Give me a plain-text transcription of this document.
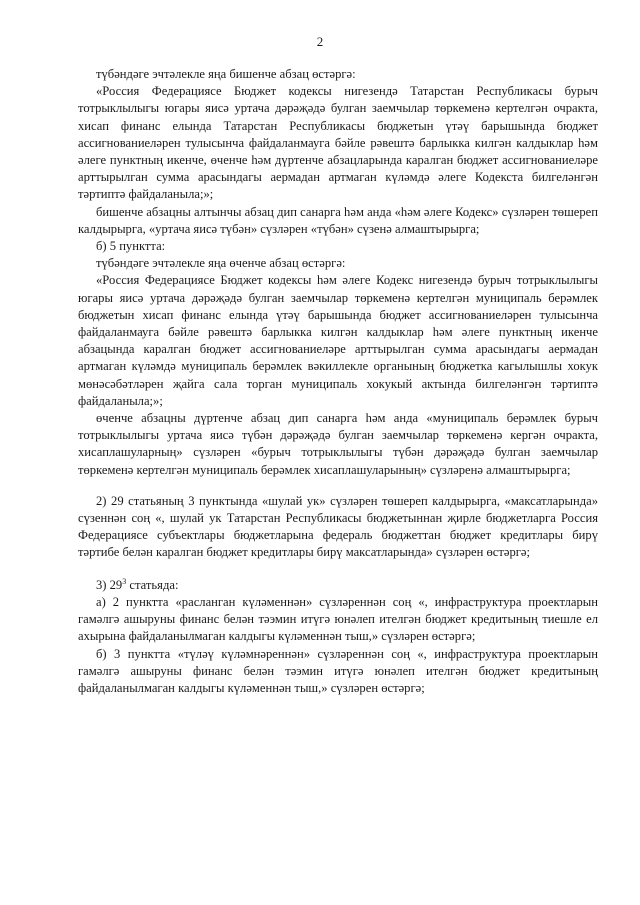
2

түбәндәге эчтәлекле яңа бишенче абзац өстәргә:

«Россия Федерациясе Бюджет кодексы нигезендә Татарстан Республикасы бурыч тотрыклылыгы югары яисә уртача дәрәҗәдә булган заемчылар төркеменә кертелгән очракта, хисап финанс елында Татарстан Республикасы бюджетын үтәү барышында бюджет ассигнованиеләрен тулысынча файдаланмауга бәйле рәвештә барлыкка килгән калдыклар һәм әлеге пунктның икенче, өченче һәм дүртенче абзацларында каралган бюджет ассигнованиеләре арттырылган сумма арасындагы аермадан артмаган күләмдә әлеге Кодекста билгеләнгән тәртиптә файдаланыла;»;

бишенче абзацны алтынчы абзац дип санарга һәм анда «һәм әлеге Кодекс» сүзләрен төшереп калдырырга, «уртача яисә түбән» сүзләрен «түбән» сүзенә алмаштырырга;

б) 5 пунктта:

түбәндәге эчтәлекле яңа өченче абзац өстәргә:

«Россия Федерациясе Бюджет кодексы һәм әлеге Кодекс нигезендә бурыч тотрыклылыгы югары яисә уртача дәрәҗәдә булган заемчылар төркеменә кертелгән муниципаль берәмлек бюджетын хисап финанс елында үтәү барышында бюджет ассигнованиеләрен тулысынча файдаланмауга бәйле рәвештә барлыкка килгән калдыклар һәм әлеге пунктның икенче абзацында каралган бюджет ассигнованиеләре арттырылган сумма арасындагы аермадан артмаган күләмдә муниципаль берәмлек вәкиллекле органының бюджетка кагылышлы хокук мөнәсәбәтләрен җайга сала торган муниципаль хокукый актында билгеләнгән тәртиптә файдаланыла;»;

өченче абзацны дүртенче абзац дип санарга һәм анда «муниципаль берәмлек бурыч тотрыклылыгы уртача яисә түбән дәрәҗәдә булган заемчылар төркеменә кергән очракта, хисаплашуларның» сүзләрен «бурыч тотрыклылыгы түбән дәрәҗәдә булган заемчылар төркеменә кертелгән муниципаль берәмлек хисаплашуларының» сүзләренә алмаштырырга;

2) 29 статьяның 3 пунктында «шулай ук» сүзләрен төшереп калдырырга, «максатларында» сүзеннән соң «, шулай ук Татарстан Республикасы бюджетыннан җирле бюджетларга Россия Федерациясе субъектлары бюджетларына федераль бюджеттан бюджет кредитлары бирү тәртибе белән каралган бюджет кредитлары бирү максатларында» сүзләрен өстәргә;

3) $29^3$ статьяда:

а) 2 пунктта «расланган күләменнән» сүзләреннән соң «, инфраструктура проектларын гамәлгә ашыруны финанс белән тәэмин итүгә юнәлеп ителгән бюджет кредитының тиешле ел ахырына файдаланылмаган калдыгы күләменнән тыш,» сүзләрен өстәргә;

б) 3 пунктта «түләү күләмнәреннән» сүзләреннән соң «, инфраструктура проектларын гамәлгә ашыруны финанс белән тәэмин итүгә юнәлеп ителгән бюджет кредитының файдаланылмаган калдыгы күләменнән тыш,» сүзләрен өстәргә;
